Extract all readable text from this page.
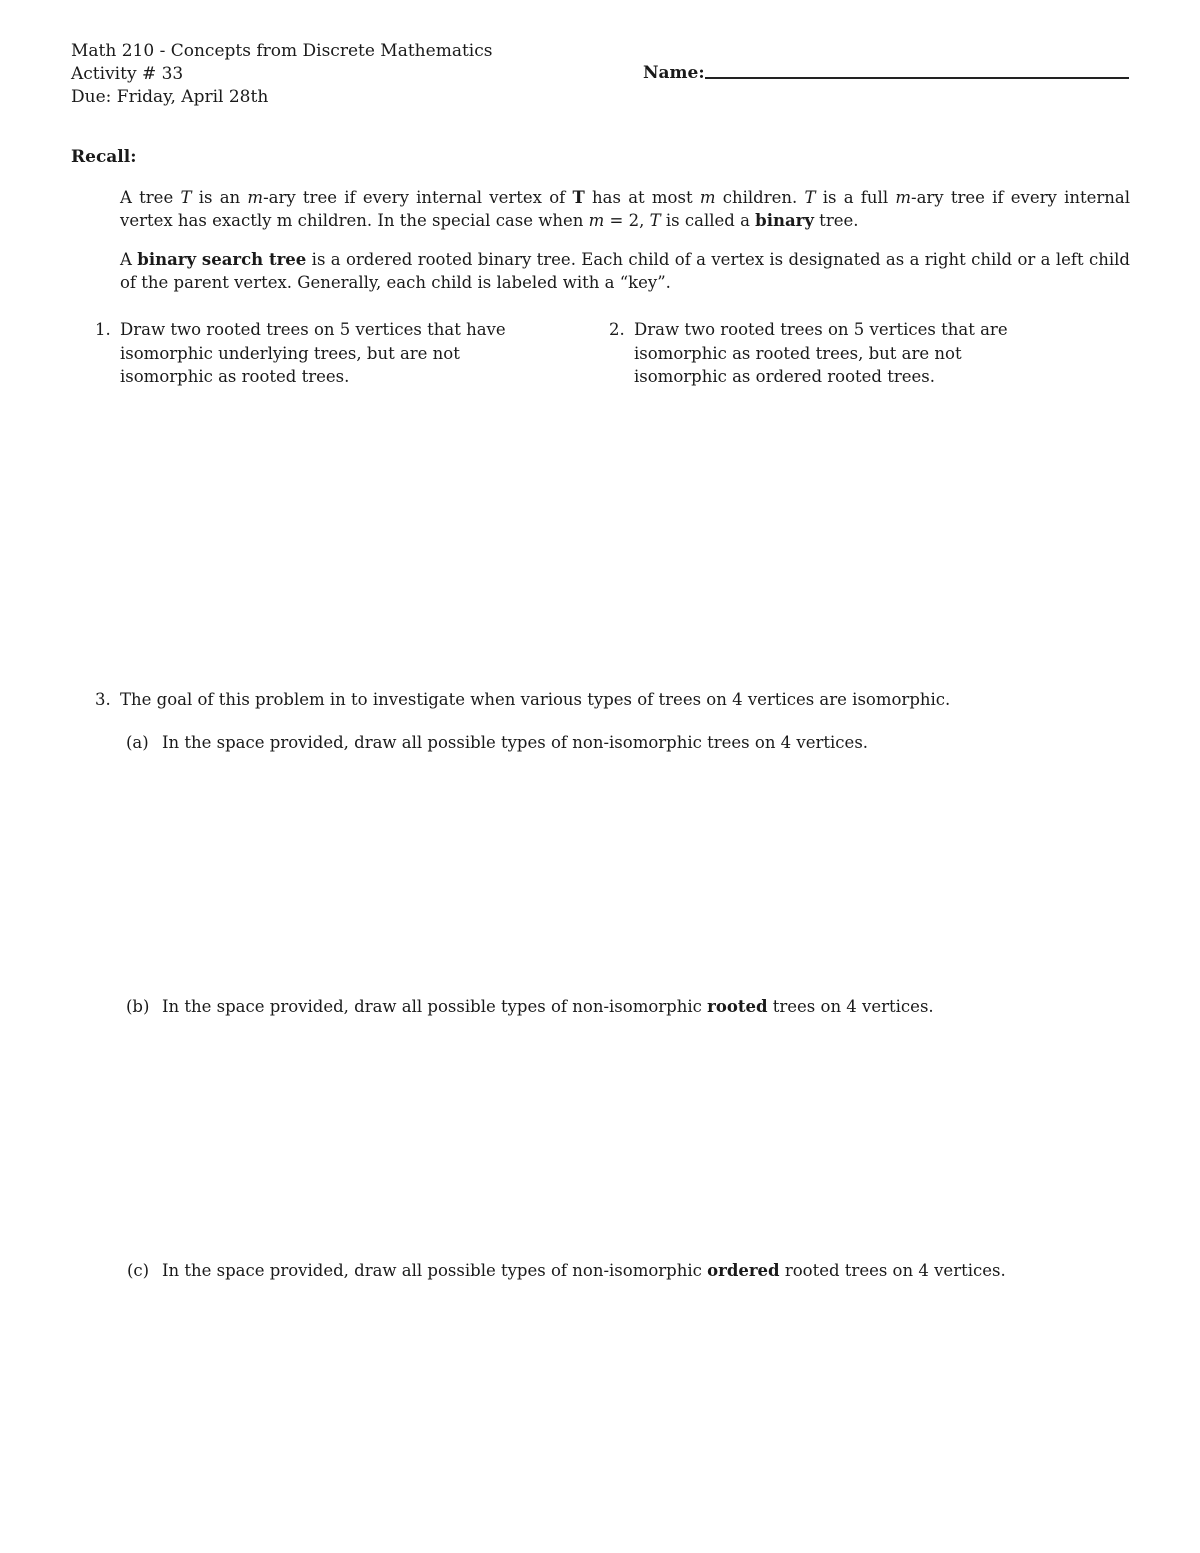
Math 210 - Concepts from Discrete Mathematics
Activity # 33
Due: Friday, April 28th
Name:
Recall:
A tree T is an m-ary tree if every internal vertex of T has at most m children. T is a full m-ary tree if every internal vertex has exactly m children. In the special case when m = 2, T is called a binary tree.
A binary search tree is a ordered rooted binary tree. Each child of a vertex is designated as a right child or a left child of the parent vertex. Generally, each child is labeled with a “key”.
1. Draw two rooted trees on 5 vertices that have isomorphic underlying trees, but are not isomorphic as rooted trees.
2. Draw two rooted trees on 5 vertices that are isomorphic as rooted trees, but are not isomorphic as ordered rooted trees.
3. The goal of this problem in to investigate when various types of trees on 4 vertices are isomorphic.
(a) In the space provided, draw all possible types of non-isomorphic trees on 4 vertices.
(b) In the space provided, draw all possible types of non-isomorphic rooted trees on 4 vertices.
(c) In the space provided, draw all possible types of non-isomorphic ordered rooted trees on 4 vertices.
